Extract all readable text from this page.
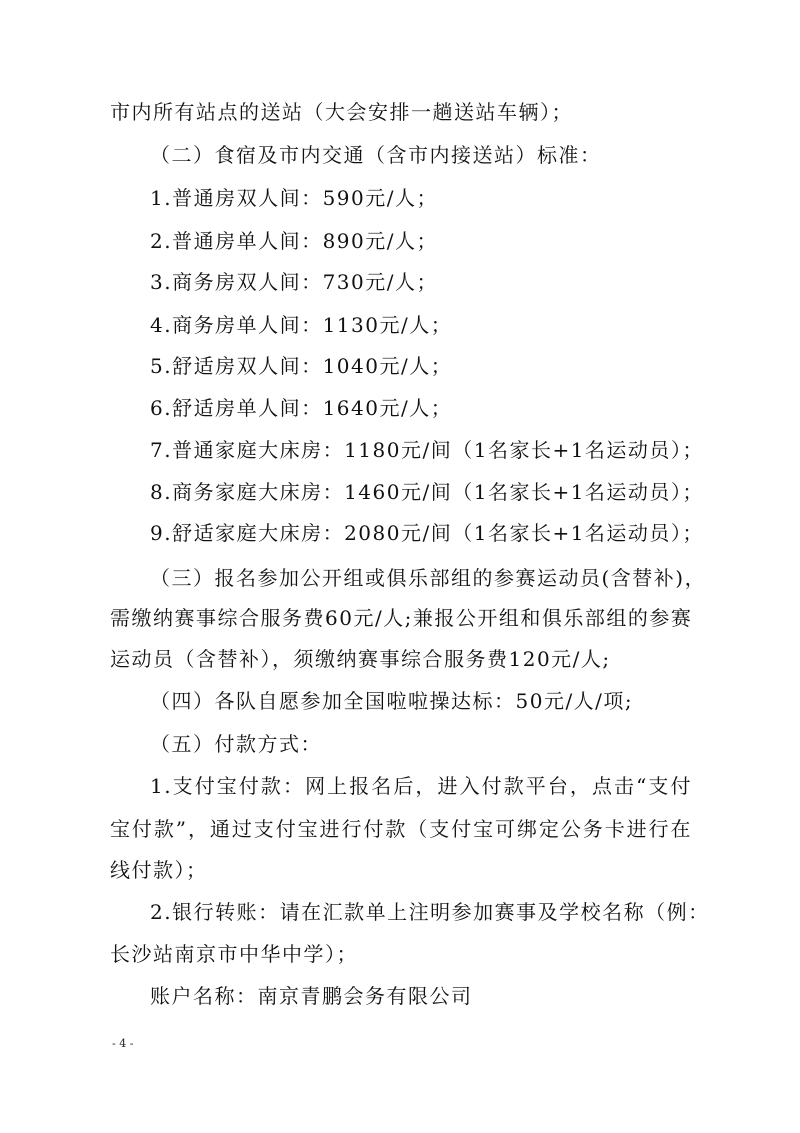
市内所有站点的送站（大会安排一趟送站车辆）；
（二）食宿及市内交通（含市内接送站）标准：
1.普通房双人间：590元/人；
2.普通房单人间：890元/人；
3.商务房双人间：730元/人；
4.商务房单人间：1130元/人；
5.舒适房双人间：1040元/人；
6.舒适房单人间：1640元/人；
7.普通家庭大床房：1180元/间（1名家长+1名运动员）；
8.商务家庭大床房：1460元/间（1名家长+1名运动员）；
9.舒适家庭大床房：2080元/间（1名家长+1名运动员）；
（三）报名参加公开组或俱乐部组的参赛运动员(含替补)，
需缴纳赛事综合服务费60元/人;兼报公开组和俱乐部组的参赛
运动员（含替补），须缴纳赛事综合服务费120元/人;
（四）各队自愿参加全国啦啦操达标：50元/人/项;
（五）付款方式：
1.支付宝付款：网上报名后，进入付款平台，点击“支付
宝付款”，通过支付宝进行付款（支付宝可绑定公务卡进行在
线付款）；
2.银行转账：请在汇款单上注明参加赛事及学校名称（例：
长沙站南京市中华中学）；
账户名称：南京青鹏会务有限公司
- 4 -
